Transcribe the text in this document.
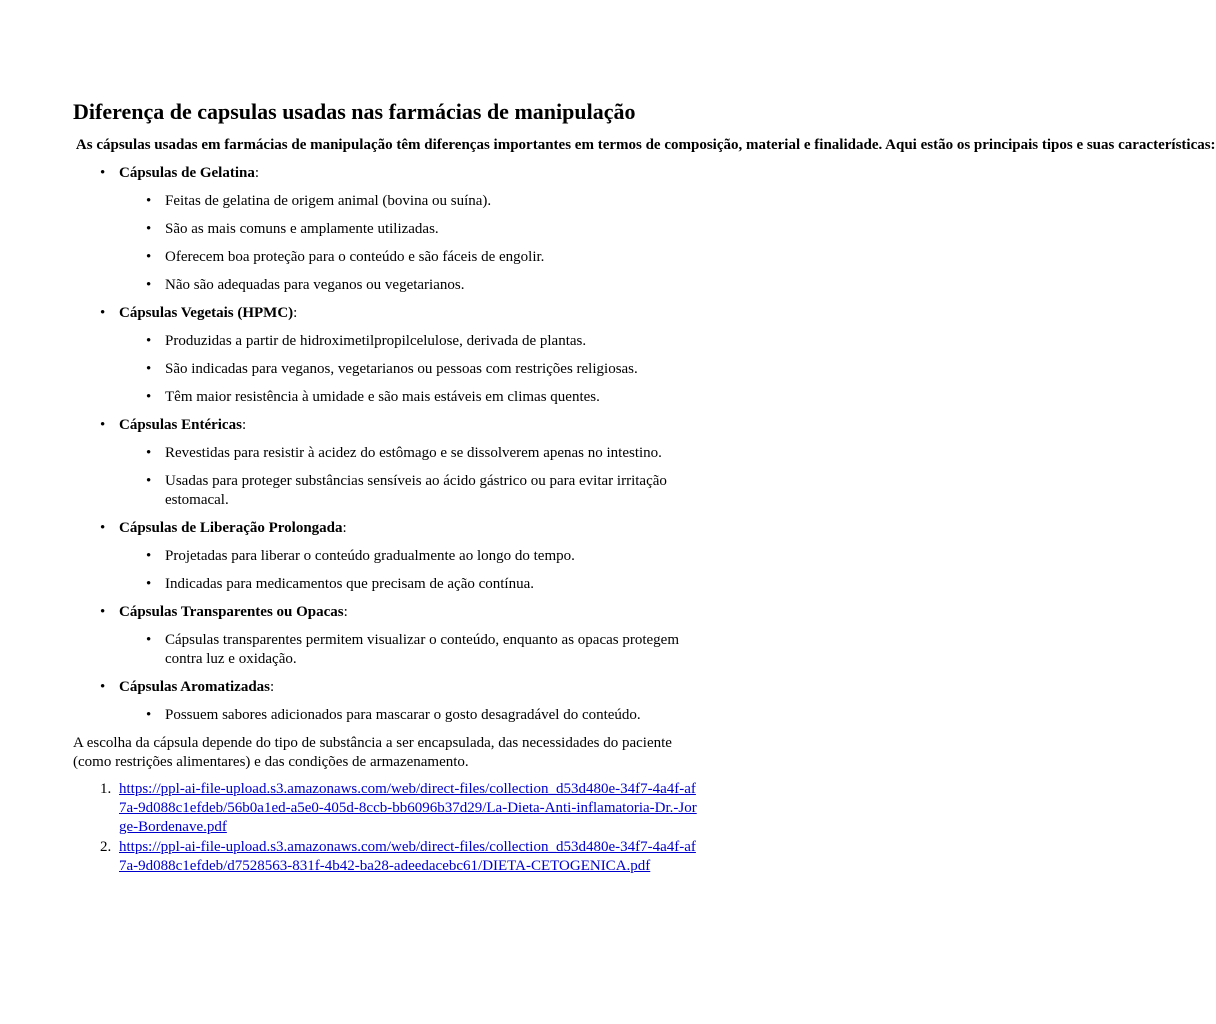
Diferença de capsulas usadas nas farmácias de manipulação

As cápsulas usadas em farmácias de manipulação têm diferenças importantes em termos de composição, material e finalidade. Aqui estão os principais tipos e suas características:

• Cápsulas de Gelatina:
• Feitas de gelatina de origem animal (bovina ou suína).
• São as mais comuns e amplamente utilizadas.
• Oferecem boa proteção para o conteúdo e são fáceis de engolir.
• Não são adequadas para veganos ou vegetarianos.
• Cápsulas Vegetais (HPMC):
• Produzidas a partir de hidroximetilpropilcelulose, derivada de plantas.
• São indicadas para veganos, vegetarianos ou pessoas com restrições religiosas.
• Têm maior resistência à umidade e são mais estáveis em climas quentes.
• Cápsulas Entéricas:
• Revestidas para resistir à acidez do estômago e se dissolverem apenas no intestino.
• Usadas para proteger substâncias sensíveis ao ácido gástrico ou para evitar irritação estomacal.
• Cápsulas de Liberação Prolongada:
• Projetadas para liberar o conteúdo gradualmente ao longo do tempo.
• Indicadas para medicamentos que precisam de ação contínua.
• Cápsulas Transparentes ou Opacas:
• Cápsulas transparentes permitem visualizar o conteúdo, enquanto as opacas protegem contra luz e oxidação.
• Cápsulas Aromatizadas:
• Possuem sabores adicionados para mascarar o gosto desagradável do conteúdo.

A escolha da cápsula depende do tipo de substância a ser encapsulada, das necessidades do paciente (como restrições alimentares) e das condições de armazenamento.

1. https://ppl-ai-file-upload.s3.amazonaws.com/web/direct-files/collection_d53d480e-34f7-4a4f-af7a-9d088c1efdeb/56b0a1ed-a5e0-405d-8ccb-bb6096b37d29/La-Dieta-Anti-inflamatoria-Dr.-Jorge-Bordenave.pdf
2. https://ppl-ai-file-upload.s3.amazonaws.com/web/direct-files/collection_d53d480e-34f7-4a4f-af7a-9d088c1efdeb/d7528563-831f-4b42-ba28-adeedacebc61/DIETA-CETOGENICA.pdf
